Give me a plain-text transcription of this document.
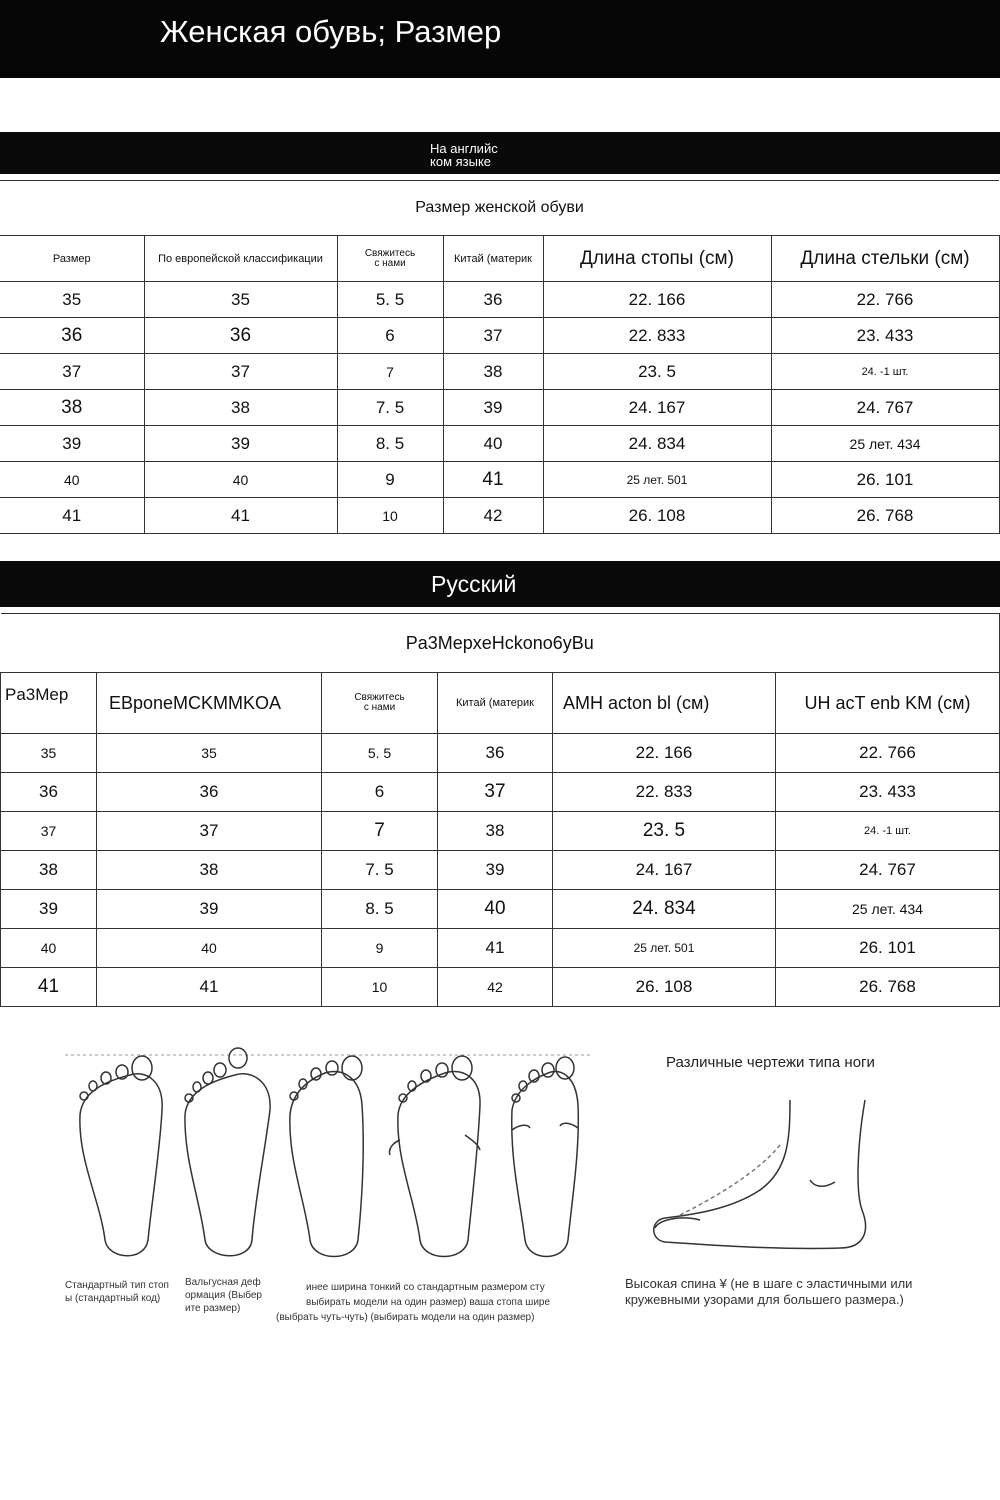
Женская обувь; Размер
На английс
ком языке
Размер женской обуви					
Размер	По европейской классификации	Свяжитесь
с нами	Китай (материк	Длина стопы (см)	Длина стельки (см)
35	35	5. 5	36	22. 166	22. 766
36	36	6	37	22. 833	23. 433
37	37	7	38	23. 5	24. -1 шт.
38	38	7. 5	39	24. 167	24. 767
39	39	8. 5	40	24. 834	25 лет. 434
40	40	9	41	25 лет. 501	26. 101
41	41	10	42	26. 108	26. 768
Русский
Pa3MepxeHckono6yBu					
Pa3Mep	EBponeMCKMMKOA	Свяжитесь
с нами	Китай (материк	AMH acton bl (см)	UH acT enb KM (см)
35	35	5. 5	36	22. 166	22. 766
36	36	6	37	22. 833	23. 433
37	37	7	38	23. 5	24. -1 шт.
38	38	7. 5	39	24. 167	24. 767
39	39	8. 5	40	24. 834	25 лет. 434
40	40	9	41	25 лет. 501	26. 101
41	41	10	42	26. 108	26. 768
Стандартный тип стоп
ы (стандартный код)
Вальгусная деф
ормация (Выбер
ите размер)
инее ширина тонкий со стандартным размером сту
выбирать модели на один размер) ваша стопа шире
(выбрать чуть-чуть) (выбирать модели на один размер)
Различные чертежи типа ноги
Высокая спина ¥ (не в шаге с эластичными или
кружевными узорами для большего размера.)
